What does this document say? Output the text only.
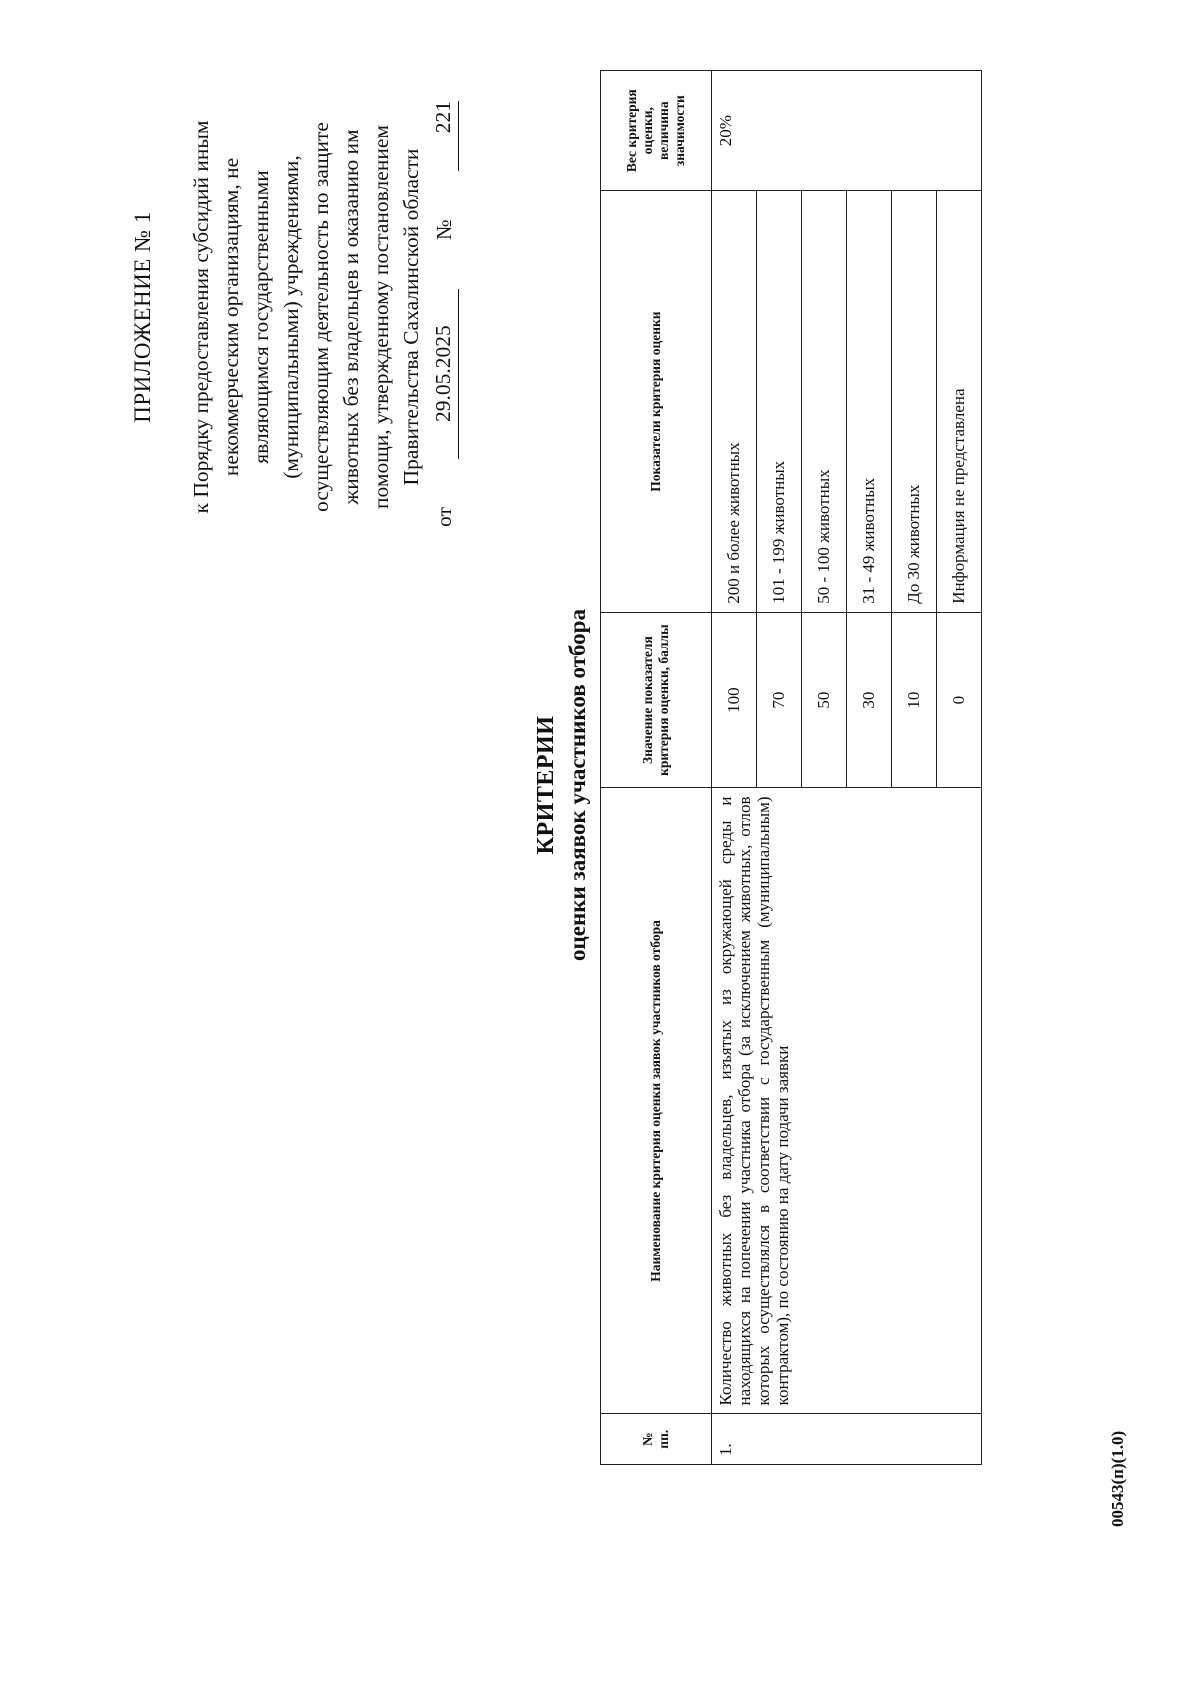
ПРИЛОЖЕНИЕ № 1 к Порядку предоставления субсидий иным некоммерческим организациям, не являющимся государственными (муниципальными) учреждениями, осуществляющим деятельность по защите животных без владельцев и оказанию им помощи, утвержденному постановлением Правительства Сахалинской области
от
29.05.2025
№
221
КРИТЕРИИ оценки заявок участников отбора
№ пп.	Наименование критерия оценки заявок участников отбора	Значение показателя критерия оценки, баллы	Показатели критерия оценки	Вес критерия оценки, величина значимости
1.	Количество животных без владельцев, изъятых из окружающей среды и находящихся на попечении участника отбора (за исключением животных, отлов которых осуществлялся в соответствии с государственным (муниципальным) контрактом), по состоянию на дату подачи заявки	100	200 и более животных	20%
		70	101 - 199 животных	
		50	50 - 100 животных	
		30	31 - 49 животных	
		10	До 30 животных	
		0	Информация не представлена	
00543(п)(1.0)
